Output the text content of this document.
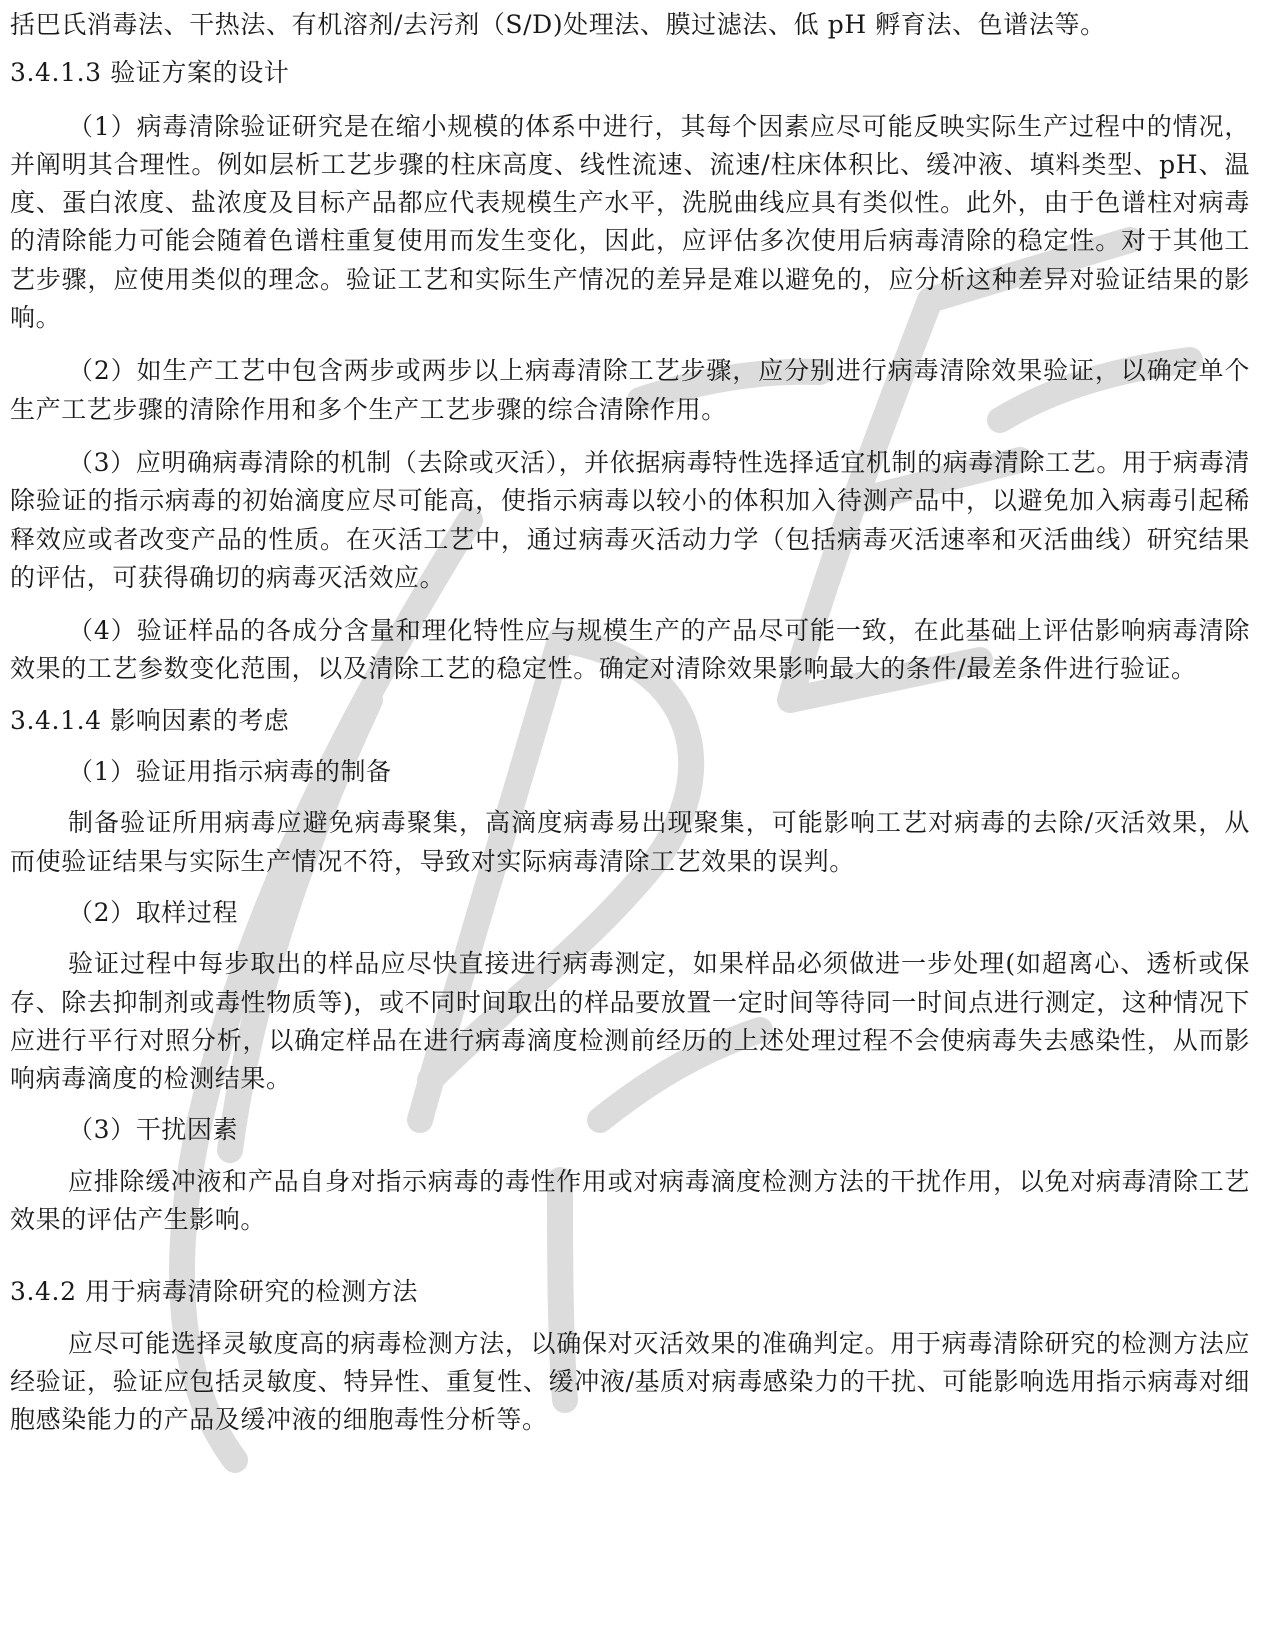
括巴氏消毒法、干热法、有机溶剂/去污剂（S/D)处理法、膜过滤法、低 pH 孵育法、色谱法等。

3.4.1.3 验证方案的设计

（1）病毒清除验证研究是在缩小规模的体系中进行，其每个因素应尽可能反映实际生产过程中的情况，并阐明其合理性。例如层析工艺步骤的柱床高度、线性流速、流速/柱床体积比、缓冲液、填料类型、pH、温度、蛋白浓度、盐浓度及目标产品都应代表规模生产水平，洗脱曲线应具有类似性。此外，由于色谱柱对病毒的清除能力可能会随着色谱柱重复使用而发生变化，因此，应评估多次使用后病毒清除的稳定性。对于其他工艺步骤，应使用类似的理念。验证工艺和实际生产情况的差异是难以避免的，应分析这种差异对验证结果的影响。

（2）如生产工艺中包含两步或两步以上病毒清除工艺步骤，应分别进行病毒清除效果验证，以确定单个生产工艺步骤的清除作用和多个生产工艺步骤的综合清除作用。

（3）应明确病毒清除的机制（去除或灭活），并依据病毒特性选择适宜机制的病毒清除工艺。用于病毒清除验证的指示病毒的初始滴度应尽可能高，使指示病毒以较小的体积加入待测产品中，以避免加入病毒引起稀释效应或者改变产品的性质。在灭活工艺中，通过病毒灭活动力学（包括病毒灭活速率和灭活曲线）研究结果的评估，可获得确切的病毒灭活效应。

（4）验证样品的各成分含量和理化特性应与规模生产的产品尽可能一致，在此基础上评估影响病毒清除效果的工艺参数变化范围，以及清除工艺的稳定性。确定对清除效果影响最大的条件/最差条件进行验证。

3.4.1.4 影响因素的考虑

（1）验证用指示病毒的制备

制备验证所用病毒应避免病毒聚集，高滴度病毒易出现聚集，可能影响工艺对病毒的去除/灭活效果，从而使验证结果与实际生产情况不符，导致对实际病毒清除工艺效果的误判。

（2）取样过程

验证过程中每步取出的样品应尽快直接进行病毒测定，如果样品必须做进一步处理(如超离心、透析或保存、除去抑制剂或毒性物质等)，或不同时间取出的样品要放置一定时间等待同一时间点进行测定，这种情况下应进行平行对照分析，以确定样品在进行病毒滴度检测前经历的上述处理过程不会使病毒失去感染性，从而影响病毒滴度的检测结果。

（3）干扰因素

应排除缓冲液和产品自身对指示病毒的毒性作用或对病毒滴度检测方法的干扰作用，以免对病毒清除工艺效果的评估产生影响。

3.4.2 用于病毒清除研究的检测方法

应尽可能选择灵敏度高的病毒检测方法，以确保对灭活效果的准确判定。用于病毒清除研究的检测方法应经验证，验证应包括灵敏度、特异性、重复性、缓冲液/基质对病毒感染力的干扰、可能影响选用指示病毒对细胞感染能力的产品及缓冲液的细胞毒性分析等。
